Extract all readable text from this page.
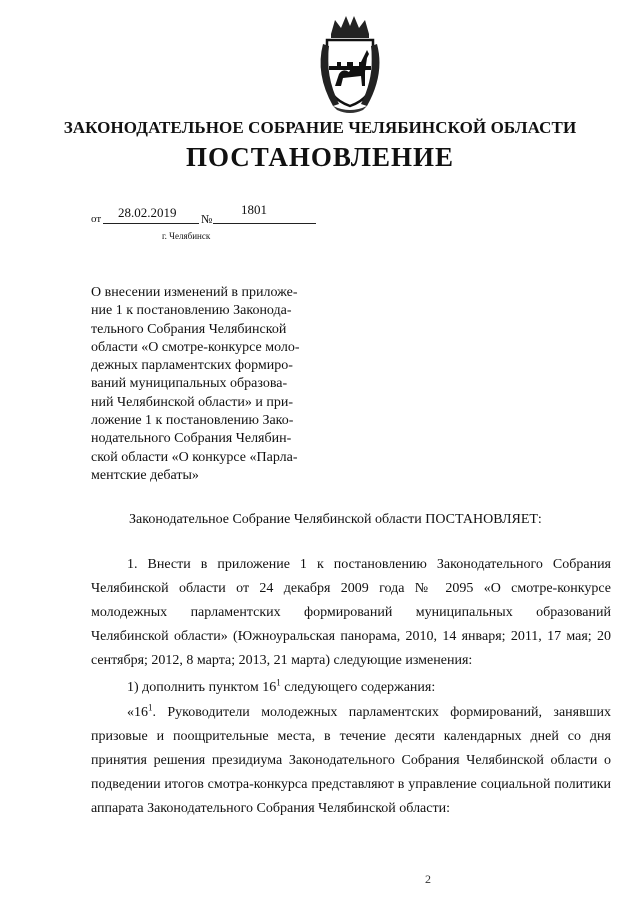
ЗАКОНОДАТЕЛЬНОЕ СОБРАНИЕ ЧЕЛЯБИНСКОЙ ОБЛАСТИ
ПОСТАНОВЛЕНИЕ
от 28.02.2019 №
1801
г. Челябинск

О внесении изменений в приложе-

ние 1 к постановлению Законода-

тельного Собрания Челябинской

области «О смотре-конкурсе моло-

дежных парламентских формиро-

ваний муниципальных образова-

ний Челябинской области» и при-

ложение 1 к постановлению Зако-

нодательного Собрания Челябин-

ской области «О конкурсе «Парла-

ментские дебаты»

Законодательное Собрание Челябинской области ПОСТАНОВЛЯЕТ:

1. Внести в приложение 1 к постановлению Законодательного Собрания Челябинской области от 24 декабря 2009 года № 2095 «О смотре-конкурсе молодежных парламентских формирований муниципальных образований Челябинской области» (Южноуральская панорама, 2010, 14 января; 2011, 17 мая; 20 сентября; 2012, 8 марта; 2013, 21 марта) следующие изменения:

1) дополнить пунктом $16^1$ следующего содержания:

«$16^1$. Руководители молодежных парламентских формирований, занявших призовые и поощрительные места, в течение десяти календарных дней со дня принятия решения президиума Законодательного Собрания Челябинской области о подведении итогов смотра-конкурса представляют в управление социальной политики аппарата Законодательного Собрания Челябинской области:

2
